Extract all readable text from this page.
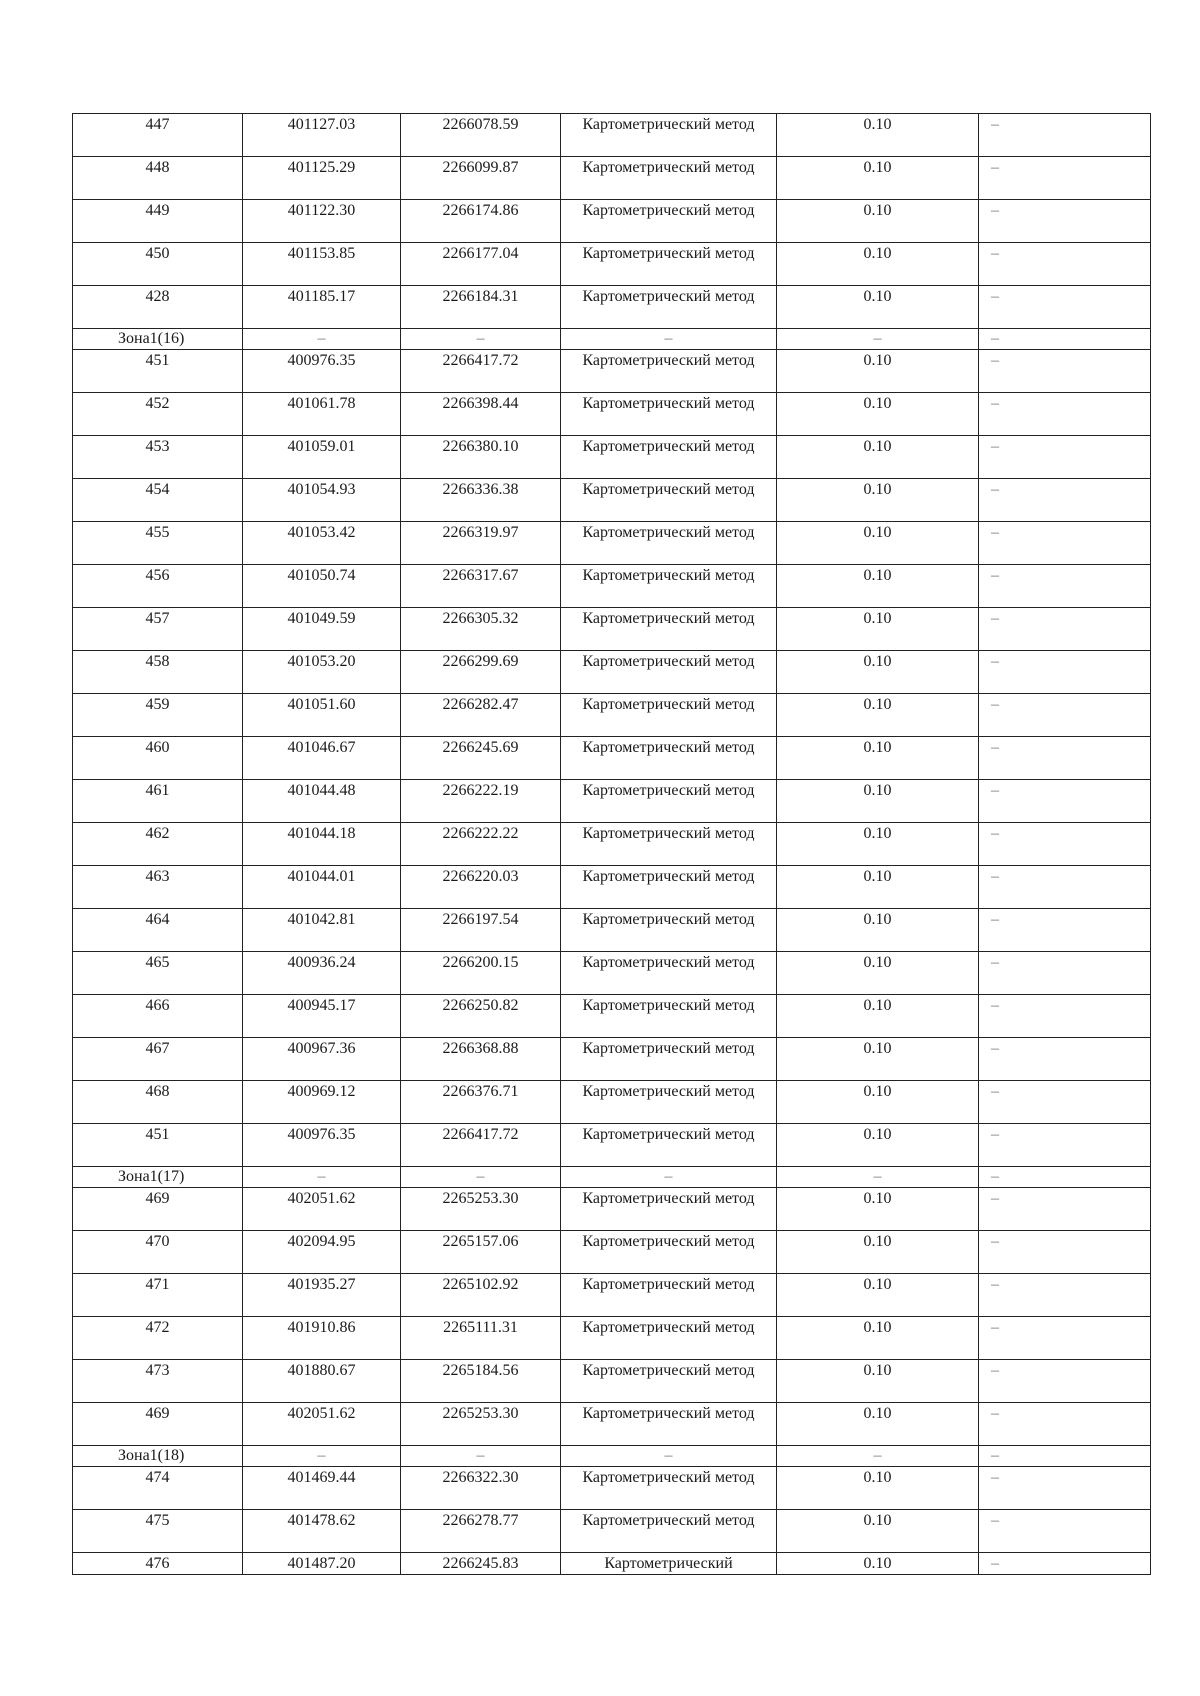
447	401127.03	2266078.59	Картометрический метод	0.10	–
448	401125.29	2266099.87	Картометрический метод	0.10	–
449	401122.30	2266174.86	Картометрический метод	0.10	–
450	401153.85	2266177.04	Картометрический метод	0.10	–
428	401185.17	2266184.31	Картометрический метод	0.10	–
Зона1(16)	–	–	–	–	–
451	400976.35	2266417.72	Картометрический метод	0.10	–
452	401061.78	2266398.44	Картометрический метод	0.10	–
453	401059.01	2266380.10	Картометрический метод	0.10	–
454	401054.93	2266336.38	Картометрический метод	0.10	–
455	401053.42	2266319.97	Картометрический метод	0.10	–
456	401050.74	2266317.67	Картометрический метод	0.10	–
457	401049.59	2266305.32	Картометрический метод	0.10	–
458	401053.20	2266299.69	Картометрический метод	0.10	–
459	401051.60	2266282.47	Картометрический метод	0.10	–
460	401046.67	2266245.69	Картометрический метод	0.10	–
461	401044.48	2266222.19	Картометрический метод	0.10	–
462	401044.18	2266222.22	Картометрический метод	0.10	–
463	401044.01	2266220.03	Картометрический метод	0.10	–
464	401042.81	2266197.54	Картометрический метод	0.10	–
465	400936.24	2266200.15	Картометрический метод	0.10	–
466	400945.17	2266250.82	Картометрический метод	0.10	–
467	400967.36	2266368.88	Картометрический метод	0.10	–
468	400969.12	2266376.71	Картометрический метод	0.10	–
451	400976.35	2266417.72	Картометрический метод	0.10	–
Зона1(17)	–	–	–	–	–
469	402051.62	2265253.30	Картометрический метод	0.10	–
470	402094.95	2265157.06	Картометрический метод	0.10	–
471	401935.27	2265102.92	Картометрический метод	0.10	–
472	401910.86	2265111.31	Картометрический метод	0.10	–
473	401880.67	2265184.56	Картометрический метод	0.10	–
469	402051.62	2265253.30	Картометрический метод	0.10	–
Зона1(18)	–	–	–	–	–
474	401469.44	2266322.30	Картометрический метод	0.10	–
475	401478.62	2266278.77	Картометрический метод	0.10	–
476	401487.20	2266245.83	Картометрический	0.10	–
